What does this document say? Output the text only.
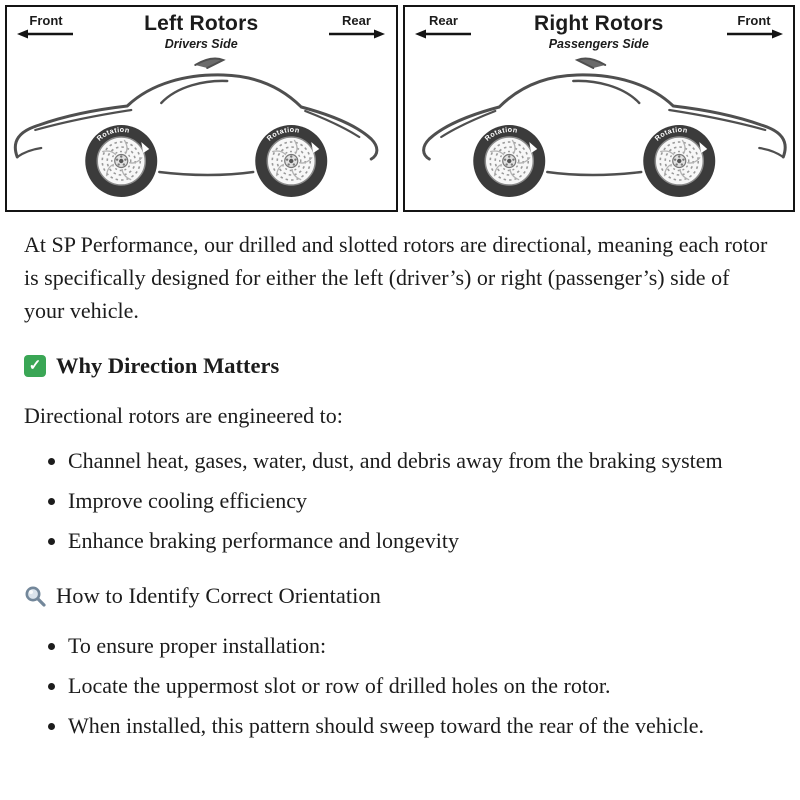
Front	Left Rotors
Drivers Side
Rear	Rear	Right Rotors
Passengers Side
Front

At SP Performance, our drilled and slotted rotors are directional, meaning each rotor is specifically designed for either the left (driver’s) or right (passenger’s) side of your vehicle.

✓ Why Direction Matters

Directional rotors are engineered to:

• Channel heat, gases, water, dust, and debris away from the braking system
• Improve cooling efficiency
• Enhance braking performance and longevity
How to Identify Correct Orientation
• To ensure proper installation:
• Locate the uppermost slot or row of drilled holes on the rotor.
• When installed, this pattern should sweep toward the rear of the vehicle.
